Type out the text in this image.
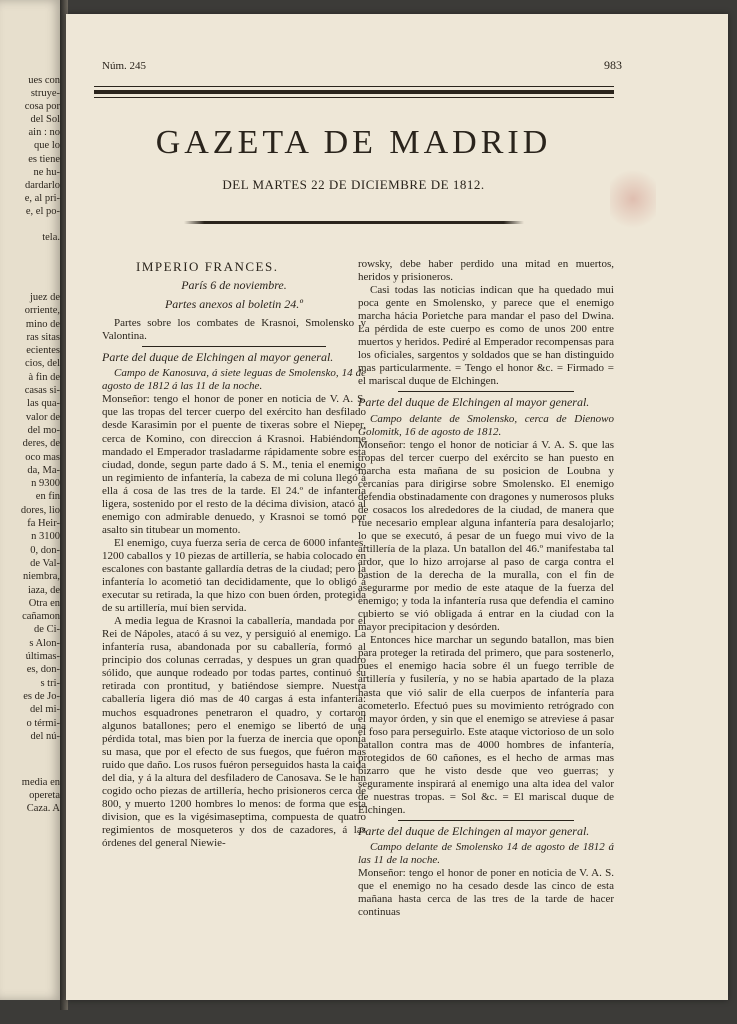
ues con
struye-
cosa por
del Sol
ain : no
que lo
es tiene
ne hu-
dardarlo
e, al pri-
e, el po-

tela.
juez de
orriente,
mino de
ras sitas
ecientes
cios, del
à fin de
casas si-
las qua-
valor de
del mo-
deres, de
oco mas
da, Ma-
n 9300
en fin
dores, lio
fa Heir-
n 3100
0, don-
de Val-
niembra,
iaza, de
Otra en
cañamon
de Ci-
s Alon-
últimas-
es, don-
s tri-
es de Jo-
del mi-
o térmi-
del nú-
media en
opereta
Caza. A
Núm. 245	983
GAZETA DE MADRID
DEL MARTES 22 DE DICIEMBRE DE 1812.
IMPERIO FRANCES.

París 6 de noviembre.

Partes anexos al boletin 24.º

Partes sobre los combates de Krasnoi, Smolensko y Valontina.

Parte del duque de Elchingen al mayor general.

Campo de Kanosuva, á siete leguas de Smolensko, 14 de agosto de 1812 á las 11 de la noche.

Monseñor: tengo el honor de poner en noticia de V. A. S. que las tropas del tercer cuerpo del exército han desfilado desde Karasimin por el puente de tixeras sobre el Nieper, cerca de Komino, con direccion á Krasnoi. Habiéndome mandado el Emperador trasladarme rápidamente sobre esta ciudad, donde, segun parte dado á S. M., tenia el enemigo un regimiento de infantería, la cabeza de mi coluna llegó á ella á cosa de las tres de la tarde. El 24.º de infantería ligera, sostenido por el resto de la décima division, atacó al enemigo con admirable denuedo, y Krasnoi se tomó por asalto sin titubear un momento.

El enemigo, cuya fuerza seria de cerca de 6000 infantes, 1200 caballos y 10 piezas de artillería, se habia colocado en escalones con bastante gallardía detras de la ciudad; pero la infantería lo acometió tan decididamente, que lo obligó á executar su retirada, la que hizo con buen órden, protegida de su artillería, muí bien servida.

A media legua de Krasnoi la caballería, mandada por el Rei de Nápoles, atacó á su vez, y persiguió al enemigo. La infantería rusa, abandonada por su caballería, formó al principio dos colunas cerradas, y despues un gran quadro sólido, que aunque rodeado por todas partes, continuó su retirada con prontitud, y batiéndose siempre. Nuestra caballería ligera dió mas de 40 cargas á esta infantería: muchos esquadrones penetraron el quadro, y cortaron algunos batallones; pero el enemigo se libertó de una pérdida total, mas bien por la fuerza de inercia que oponía su masa, que por el efecto de sus fuegos, que fuéron mas ruido que daño. Los rusos fuéron perseguidos hasta la caida del dia, y á la altura del desfiladero de Canosava. Se le han cogido ocho piezas de artillería, hecho prisioneros cerca de 800, y muerto 1200 hombres lo menos: de forma que esta division, que es la vigésimaseptima, compuesta de quatro regimientos de mosqueteros y dos de cazadores, á las órdenes del general Niewie-

rowsky, debe haber perdido una mitad en muertos, heridos y prisioneros.

Casi todas las noticias indican que ha quedado mui poca gente en Smolensko, y parece que el enemigo marcha hácia Porietche para mandar el paso del Dwina. La pérdida de este cuerpo es como de unos 200 entre muertos y heridos. Pediré al Emperador recompensas para los oficiales, sargentos y soldados que se han distinguido mas particularmente. = Tengo el honor &c. = Firmado = el mariscal duque de Elchingen.

Parte del duque de Elchingen al mayor general.

Campo delante de Smolensko, cerca de Dienowo Golomitk, 16 de agosto de 1812.

Monseñor: tengo el honor de noticiar á V. A. S. que las tropas del tercer cuerpo del exército se han puesto en marcha esta mañana de su posicion de Loubna y cercanías para dirigirse sobre Smolensko. El enemigo defendia obstinadamente con dragones y numerosos pluks de cosacos los alrededores de la ciudad, de manera que fue necesario emplear alguna infantería para desalojarlo; lo que se executó, á pesar de un fuego mui vivo de la artillería de la plaza. Un batallon del 46.º manifestaba tal ardor, que lo hizo arrojarse al paso de carga contra el bastion de la derecha de la muralla, con el fin de asegurarme por medio de este ataque de la fuerza del enemigo; y toda la infantería rusa que defendia el camino cubierto se vió obligada á entrar en la ciudad con la mayor precipitacion y desórden.

Entonces hice marchar un segundo batallon, mas bien para proteger la retirada del primero, que para sostenerlo, pues el enemigo hacia sobre él un fuego terrible de artillería y fusilería, y no se habia apartado de la plaza hasta que vió salir de ella cuerpos de infantería para acometerlo. Efectuó pues su movimiento retrógrado con el mayor órden, y sin que el enemigo se atreviese á pasar el foso para perseguirlo. Este ataque victorioso de un solo batallon contra mas de 4000 hombres de infantería, protegidos de 60 cañones, es el hecho de armas mas bizarro que he visto desde que veo guerras; y seguramente inspirará al enemigo una alta idea del valor de nuestras tropas. = Sol &c. = El mariscal duque de Elchingen.

Parte del duque de Elchingen al mayor general.

Campo delante de Smolensko 14 de agosto de 1812 á las 11 de la noche.

Monseñor: tengo el honor de poner en noticia de V. A. S. que el enemigo no ha cesado desde las cinco de esta mañana hasta cerca de las tres de la tarde de hacer continuas
